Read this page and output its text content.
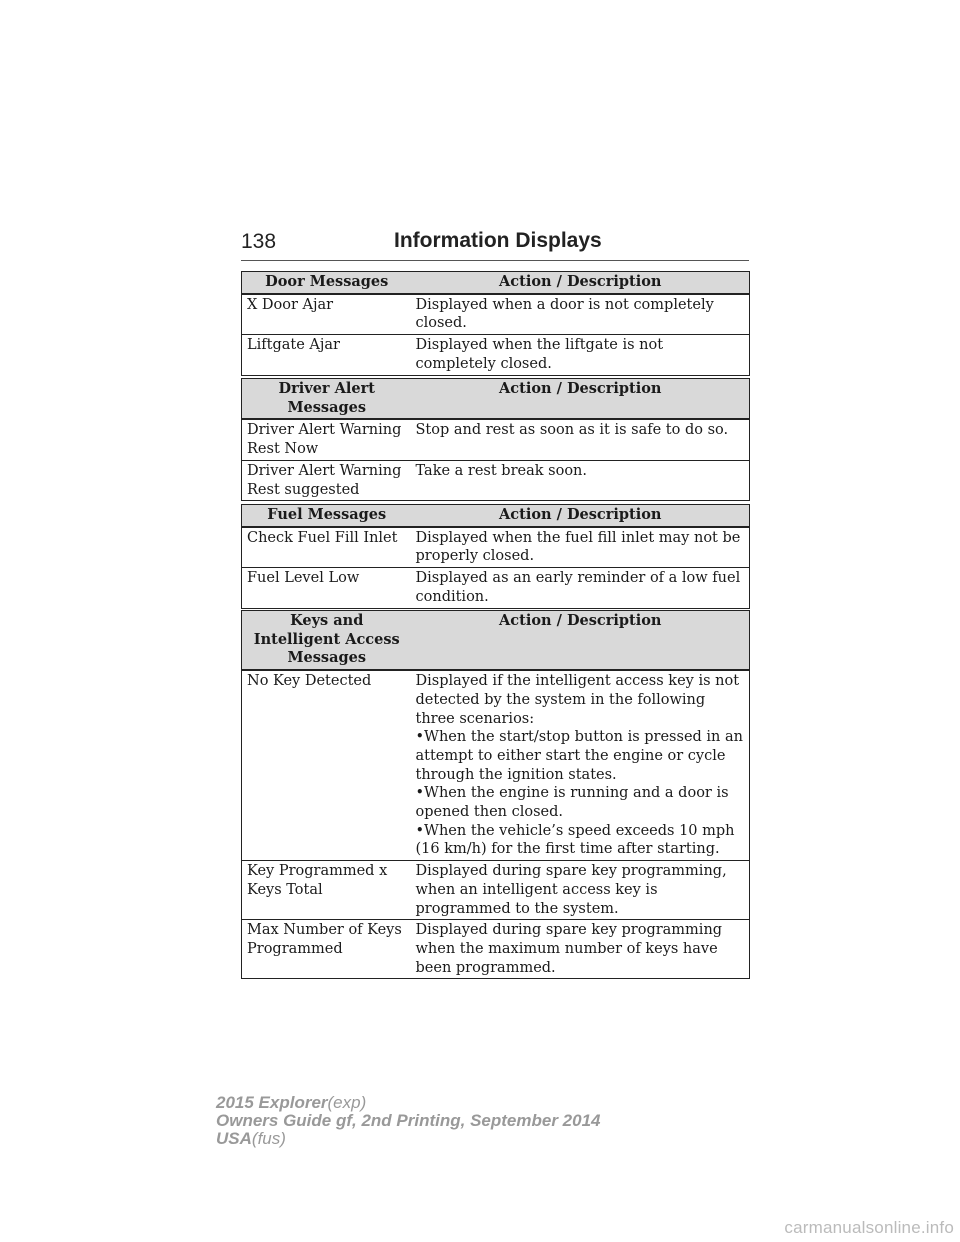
138	Information Displays
Door Messages	Action / Description
X Door Ajar	Displayed when a door is not completely closed.

Liftgate Ajar	Displayed when the liftgate is not completely closed.
Driver Alert Messages	Action / Description
Driver Alert Warning Rest Now	Stop and rest as soon as it is safe to do so.

Driver Alert Warning Rest suggested	Take a rest break soon.
Fuel Messages	Action / Description
Check Fuel Fill Inlet	Displayed when the fuel fill inlet may not be properly closed.

Fuel Level Low	Displayed as an early reminder of a low fuel condition.
Keys and Intelligent Access Messages	Action / Description
No Key Detected	Displayed if the intelligent access key is not detected by the system in the following three scenarios:
•When the start/stop button is pressed in an attempt to either start the engine or cycle through the ignition states.
•When the engine is running and a door is opened then closed.
•When the vehicle’s speed exceeds 10 mph (16 km/h) for the first time after starting.

Key Programmed x Keys Total	Displayed during spare key programming, when an intelligent access key is programmed to the system.

Max Number of Keys Programmed	Displayed during spare key programming when the maximum number of keys have been programmed.
2015 Explorer(exp)
Owners Guide gf, 2nd Printing, September 2014
USA(fus)
carmanualsonline.info
